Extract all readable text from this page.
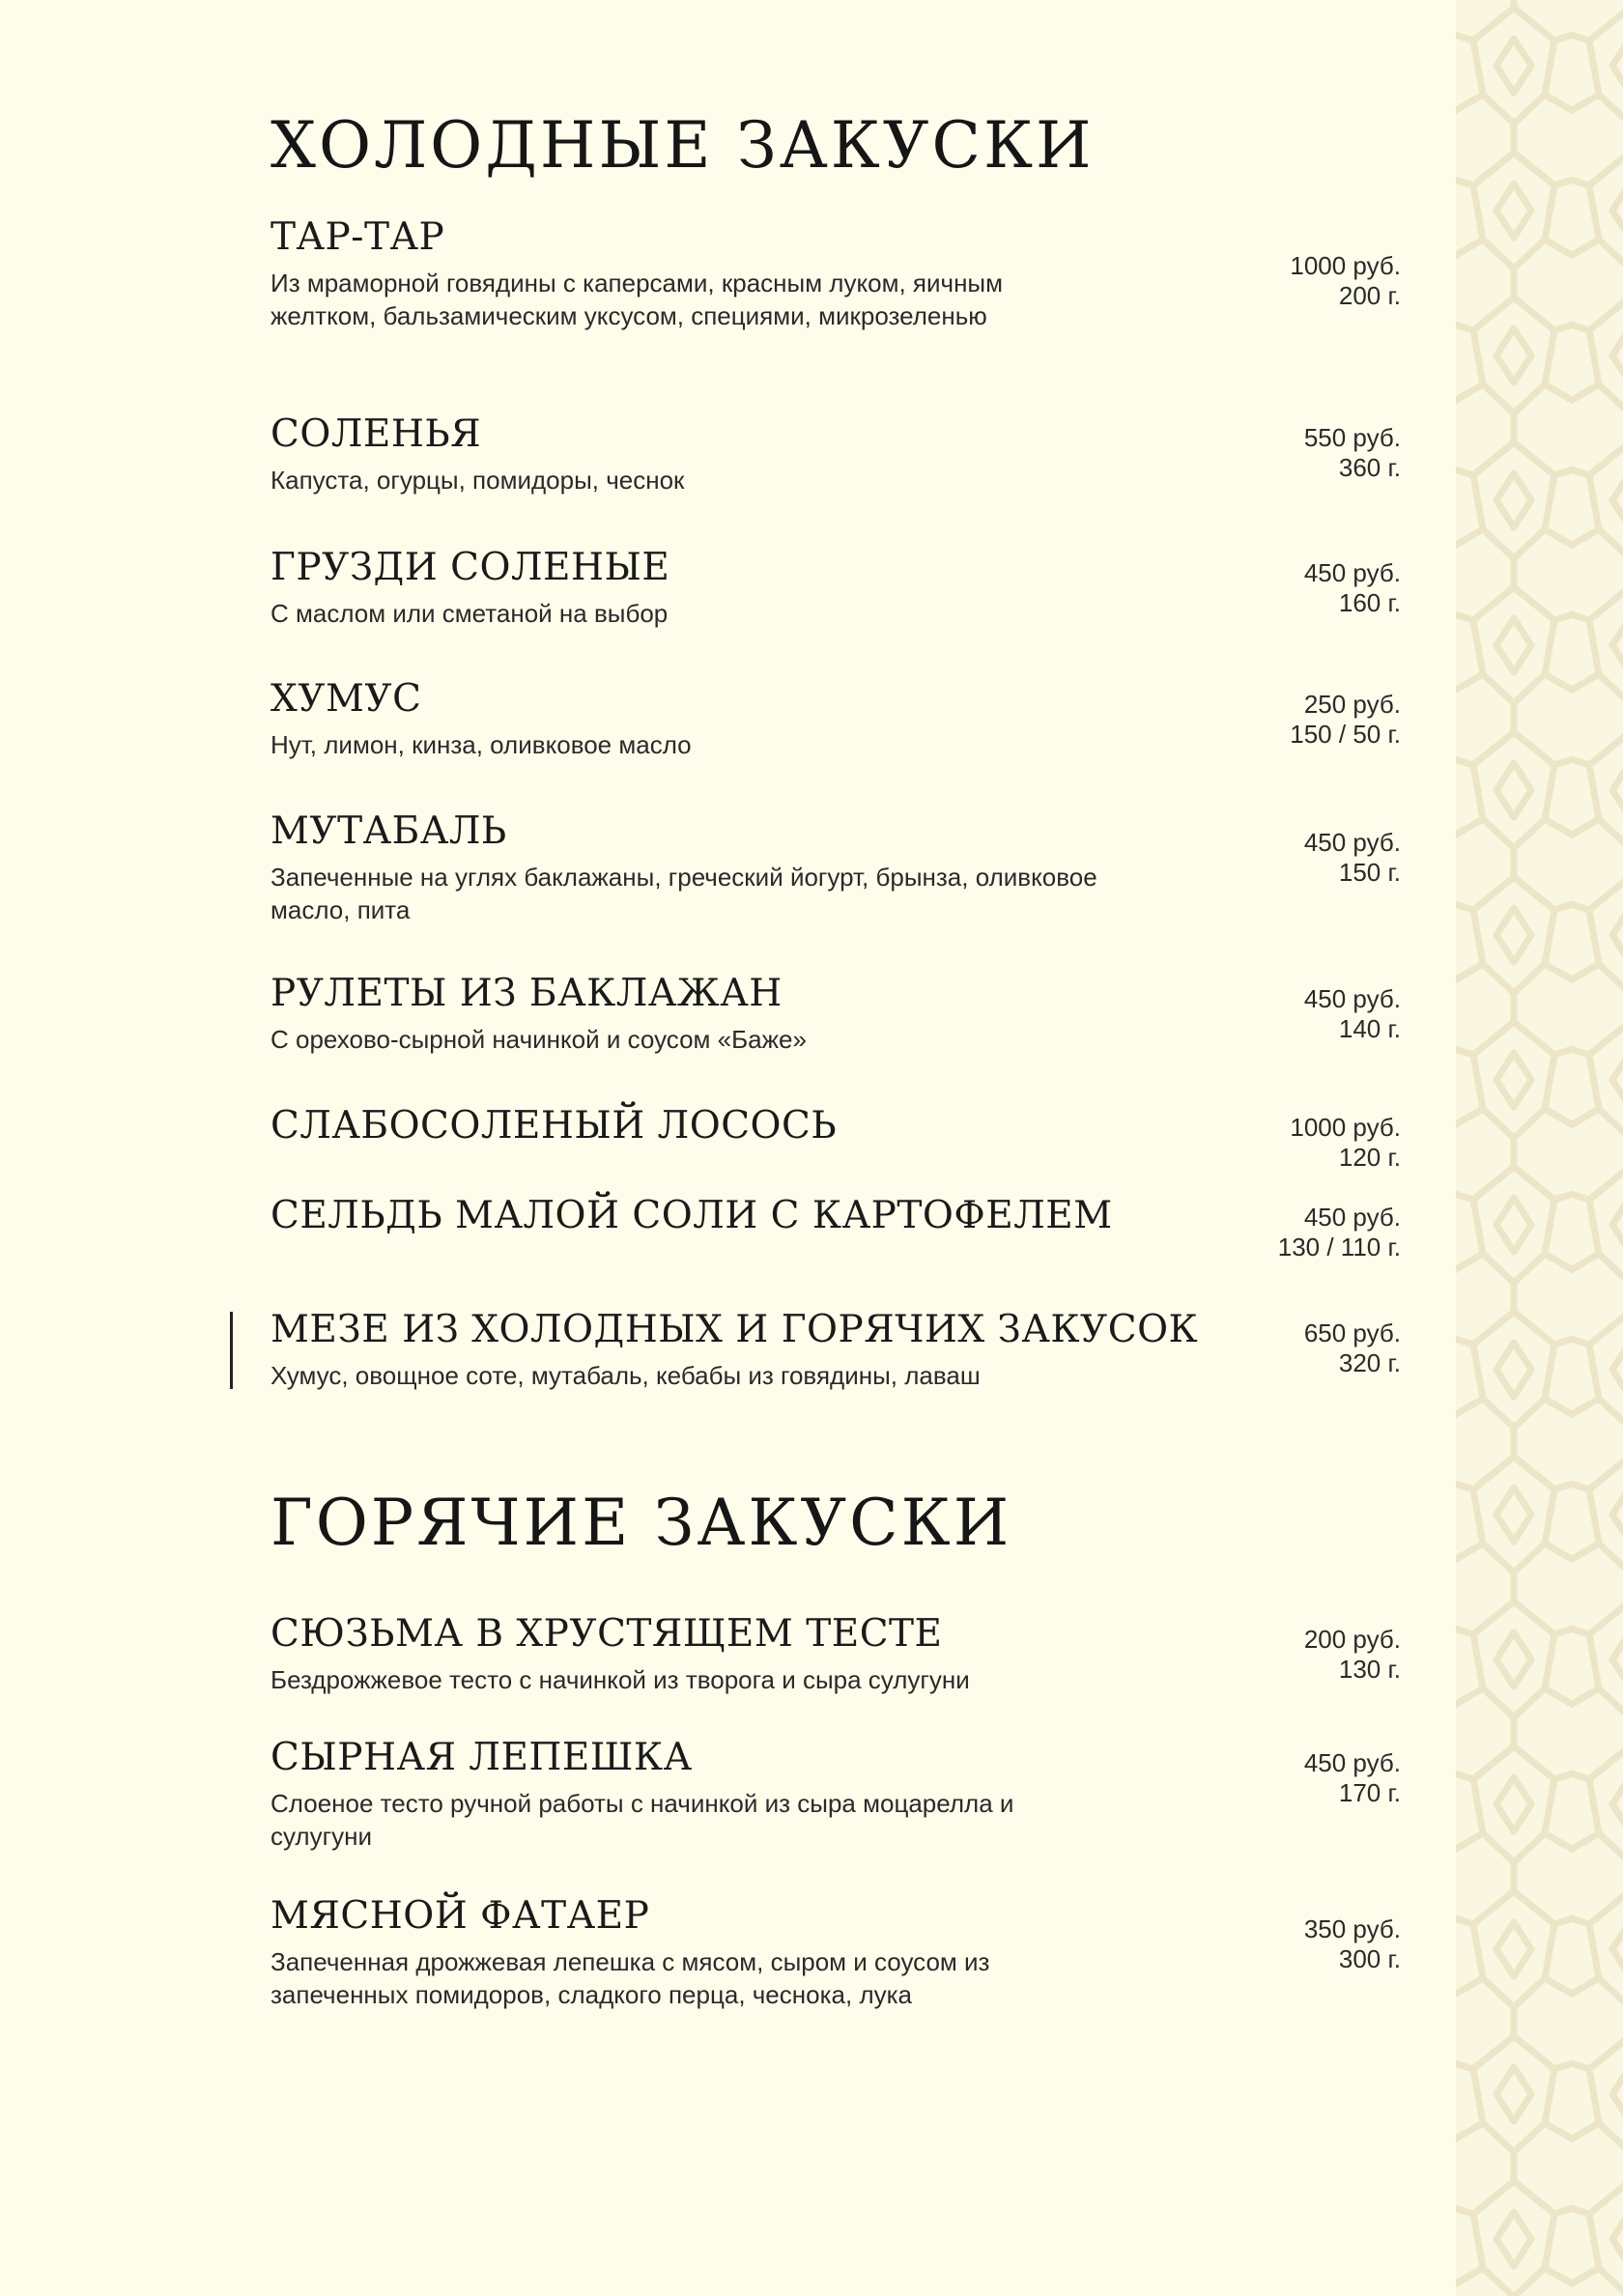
ХОЛОДНЫЕ ЗАКУСКИ
ТАР-ТАР
Из мраморной говядины с каперсами, красным луком, яичным желтком, бальзамическим уксусом, специями, микрозеленью
1000 руб.
200 г.
СОЛЕНЬЯ
Капуста, огурцы, помидоры, чеснок
550 руб.
360 г.
ГРУЗДИ СОЛЕНЫЕ
С маслом или сметаной на выбор
450 руб.
160 г.
ХУМУС
Нут, лимон, кинза, оливковое масло
250 руб.
150 / 50 г.
МУТАБАЛЬ
Запеченные на углях баклажаны, греческий йогурт, брынза, оливковое масло, пита
450 руб.
150 г.
РУЛЕТЫ ИЗ БАКЛАЖАН
С орехово-сырной начинкой и соусом «Баже»
450 руб.
140 г.
СЛАБОСОЛЕНЫЙ ЛОСОСЬ	1000 руб.
120 г.
СЕЛЬДЬ МАЛОЙ СОЛИ С КАРТОФЕЛЕМ	450 руб.
130 / 110 г.
МЕЗЕ ИЗ ХОЛОДНЫХ И ГОРЯЧИХ ЗАКУСОК
Хумус, овощное соте, мутабаль, кебабы из говядины, лаваш
650 руб.
320 г.
ГОРЯЧИЕ ЗАКУСКИ
СЮЗЬМА В ХРУСТЯЩЕМ ТЕСТЕ
Бездрожжевое тесто с начинкой из творога и сыра сулугуни
200 руб.
130 г.
СЫРНАЯ ЛЕПЕШКА
Слоеное тесто ручной работы с начинкой из сыра моцарелла и сулугуни
450 руб.
170 г.
МЯСНОЙ ФАТАЕР
Запеченная дрожжевая лепешка с мясом, сыром и соусом из запеченных помидоров, сладкого перца, чеснока, лука
350 руб.
300 г.
